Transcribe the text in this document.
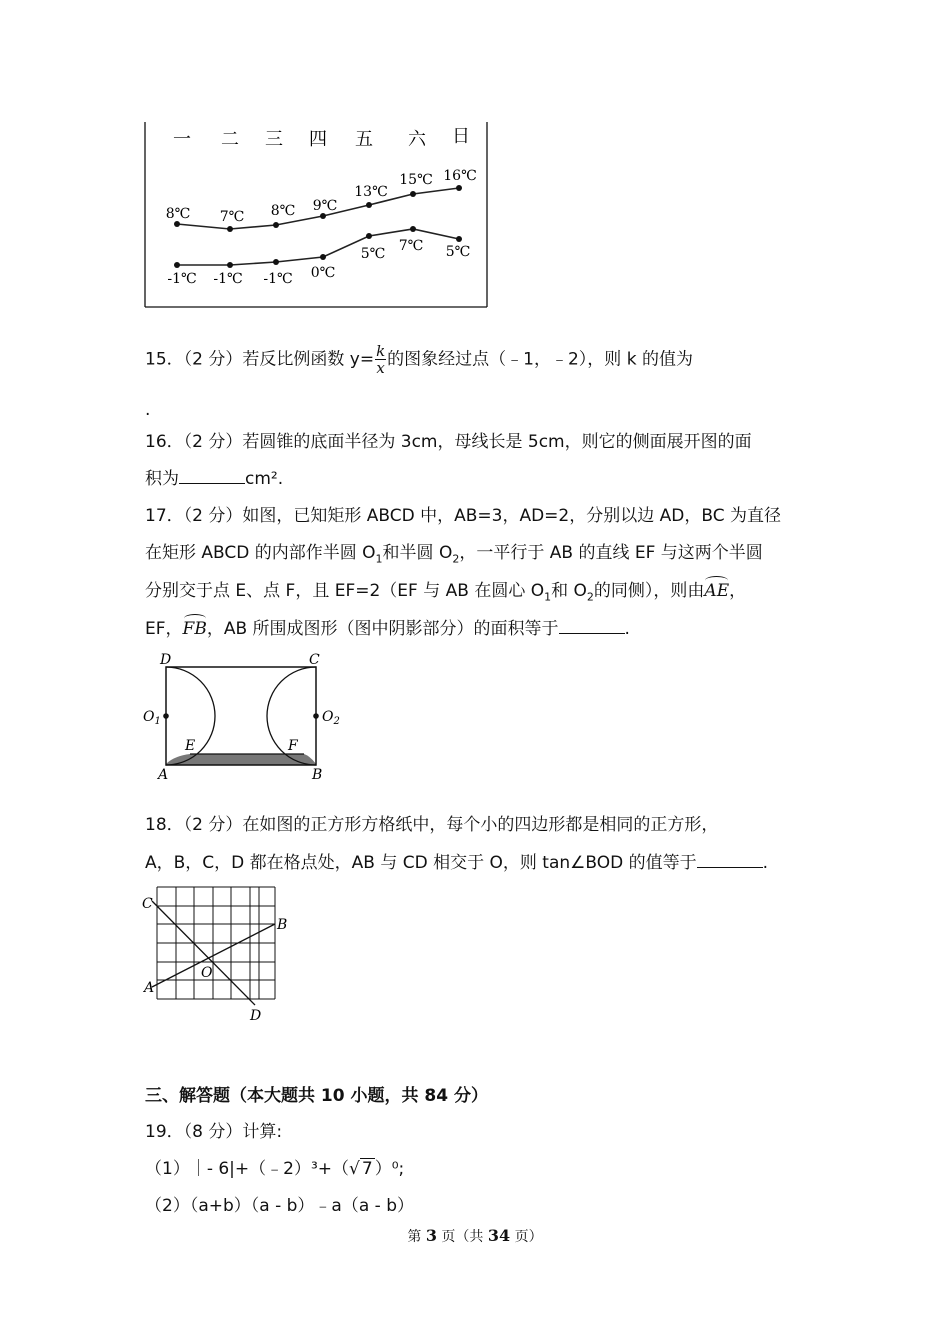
一 二 三 四 五 六 日
8℃ 7℃ 8℃ 9℃
13℃
15℃ 16℃
-1℃ -1℃ -1℃ 0℃
5℃ 7℃ 5℃
15．（2 分）若反比例函数 $y= \frac{k}{x}$ 的图象经过点（﹣1，﹣2），则 k 的值为
.
16．（2 分）若圆锥的底面半径为 3cm，母线长是 5cm，则它的侧面展开图的面
积为	cm².
17．（2 分）如图，已知矩形 ABCD 中，AB=3，AD=2，分别以边 AD，BC 为直径
在矩形 ABCD 的内部作半圆 $O_1$和半圆 $O_2$，一平行于 AB 的直线 EF 与这两个半圆
分别交于点 E、点 F，且 EF=2（EF 与 AB 在圆心 $O_1$和 $O_2$的同侧），则由AE，
EF，FB，AB 所围成图形（图中阴影部分）的面积等于	.
D	C
$O_1$	$O_2$
E	F
A	B
18．（2 分）在如图的正方形方格纸中，每个小的四边形都是相同的正方形，
A，B，C，D 都在格点处，AB 与 CD 相交于 O，则 tan∠BOD 的值等于	.
C
B
O
A
D
三、解答题（本大题共 10 小题，共 84 分）
19．（8 分）计算:
（1）｜- 6|+（﹣2）³+（√ 7 ）⁰;
（2）（a+b）（a - b）﹣a（a - b）
第 3 页（共 34 页）
